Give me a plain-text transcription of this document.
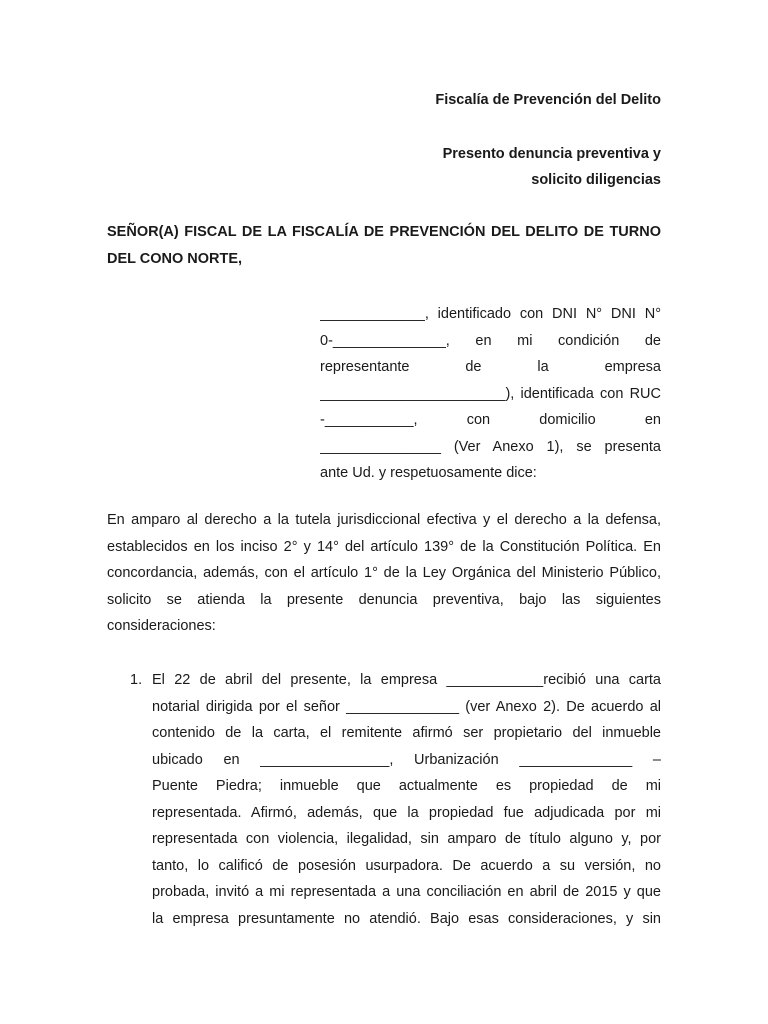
Fiscalía de Prevención del Delito
Presento denuncia preventiva y
solicito diligencias
SEÑOR(A) FISCAL DE LA FISCALÍA DE PREVENCIÓN DEL DELITO DE TURNO DEL CONO NORTE,
_____________, identificado con DNI N° DNI N°
0-______________, en mi condición de
representante de la empresa
_______________________), identificada con RUC
-___________, con domicilio en
_______________ (Ver Anexo 1), se presenta
ante Ud. y respetuosamente dice:
En amparo al derecho a la tutela jurisdiccional efectiva y el derecho a la defensa,
establecidos en los inciso 2° y 14° del artículo 139° de la Constitución Política. En
concordancia, además, con el artículo 1° de la Ley Orgánica del Ministerio Público,
solicito se atienda la presente denuncia preventiva, bajo las siguientes
consideraciones:
1. El 22 de abril del presente, la empresa ____________recibió una carta
notarial dirigida por el señor ______________ (ver Anexo 2). De acuerdo al
contenido de la carta, el remitente afirmó ser propietario del inmueble
ubicado en ________________, Urbanización ______________ –
Puente Piedra; inmueble que actualmente es propiedad de mi
representada. Afirmó, además, que la propiedad fue adjudicada por mi
representada con violencia, ilegalidad, sin amparo de título alguno y, por
tanto, lo calificó de posesión usurpadora. De acuerdo a su versión, no
probada, invitó a mi representada a una conciliación en abril de 2015 y que
la empresa presuntamente no atendió. Bajo esas consideraciones, y sin
